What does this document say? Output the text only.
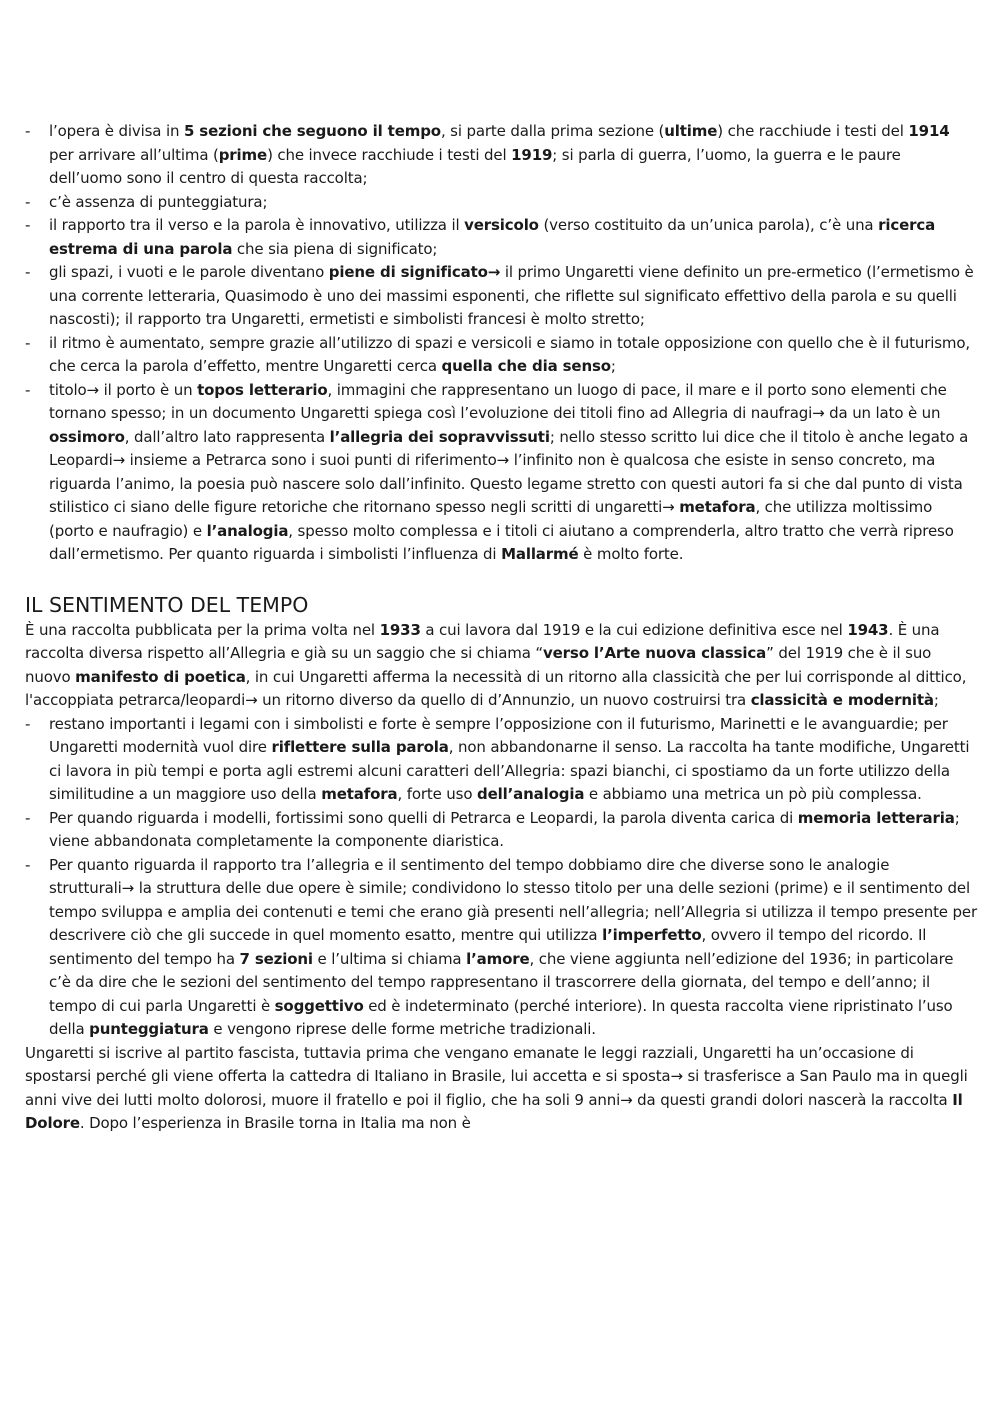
- l’opera è divisa in 5 sezioni che seguono il tempo, si parte dalla prima sezione (ultime) che racchiude i testi del 1914 per arrivare all’ultima (prime) che invece racchiude i testi del 1919; si parla di guerra, l’uomo, la guerra e le paure dell’uomo sono il centro di questa raccolta;
- c’è assenza di punteggiatura;
- il rapporto tra il verso e la parola è innovativo, utilizza il versicolo (verso costituito da un’unica parola), c’è una ricerca estrema di una parola che sia piena di significato;
- gli spazi, i vuoti e le parole diventano piene di significato→ il primo Ungaretti viene definito un pre-ermetico (l’ermetismo è una corrente letteraria, Quasimodo è uno dei massimi esponenti, che riflette sul significato effettivo della parola e su quelli nascosti); il rapporto tra Ungaretti, ermetisti e simbolisti francesi è molto stretto;
- il ritmo è aumentato, sempre grazie all’utilizzo di spazi e versicoli e siamo in totale opposizione con quello che è il futurismo, che cerca la parola d’effetto, mentre Ungaretti cerca quella che dia senso;
- titolo→ il porto è un topos letterario, immagini che rappresentano un luogo di pace, il mare e il porto sono elementi che tornano spesso; in un documento Ungaretti spiega così l’evoluzione dei titoli fino ad Allegria di naufragi→ da un lato è un ossimoro, dall’altro lato rappresenta l’allegria dei sopravvissuti; nello stesso scritto lui dice che il titolo è anche legato a Leopardi→ insieme a Petrarca sono i suoi punti di riferimento→ l’infinito non è qualcosa che esiste in senso concreto, ma riguarda l’animo, la poesia può nascere solo dall’infinito. Questo legame stretto con questi autori fa si che dal punto di vista stilistico ci siano delle figure retoriche che ritornano spesso negli scritti di ungaretti→ metafora, che utilizza moltissimo (porto e naufragio) e l’analogia, spesso molto complessa e i titoli ci aiutano a comprenderla, altro tratto che verrà ripreso dall’ermetismo. Per quanto riguarda i simbolisti l’influenza di Mallarmé è molto forte.
IL SENTIMENTO DEL TEMPO

È una raccolta pubblicata per la prima volta nel 1933 a cui lavora dal 1919 e la cui edizione definitiva esce nel 1943. È una raccolta diversa rispetto all’Allegria e già su un saggio che si chiama “verso l’Arte nuova classica” del 1919 che è il suo nuovo manifesto di poetica, in cui Ungaretti afferma la necessità di un ritorno alla classicità che per lui corrisponde al dittico, l'accoppiata petrarca/leopardi→ un ritorno diverso da quello di d’Annunzio, un nuovo costruirsi tra classicità e modernità;

- restano importanti i legami con i simbolisti e forte è sempre l’opposizione con il futurismo, Marinetti e le avanguardie; per Ungaretti modernità vuol dire riflettere sulla parola, non abbandonarne il senso. La raccolta ha tante modifiche, Ungaretti ci lavora in più tempi e porta agli estremi alcuni caratteri dell’Allegria: spazi bianchi, ci spostiamo da un forte utilizzo della similitudine a un maggiore uso della metafora, forte uso dell’analogia e abbiamo una metrica un pò più complessa.
- Per quando riguarda i modelli, fortissimi sono quelli di Petrarca e Leopardi, la parola diventa carica di memoria letteraria; viene abbandonata completamente la componente diaristica.
- Per quanto riguarda il rapporto tra l’allegria e il sentimento del tempo dobbiamo dire che diverse sono le analogie strutturali→ la struttura delle due opere è simile; condividono lo stesso titolo per una delle sezioni (prime) e il sentimento del tempo sviluppa e amplia dei contenuti e temi che erano già presenti nell’allegria; nell’Allegria si utilizza il tempo presente per descrivere ciò che gli succede in quel momento esatto, mentre qui utilizza l’imperfetto, ovvero il tempo del ricordo. Il sentimento del tempo ha 7 sezioni e l’ultima si chiama l’amore, che viene aggiunta nell’edizione del 1936; in particolare c’è da dire che le sezioni del sentimento del tempo rappresentano il trascorrere della giornata, del tempo e dell’anno; il tempo di cui parla Ungaretti è soggettivo ed è indeterminato (perché interiore). In questa raccolta viene ripristinato l’uso della punteggiatura e vengono riprese delle forme metriche tradizionali.

Ungaretti si iscrive al partito fascista, tuttavia prima che vengano emanate le leggi razziali, Ungaretti ha un’occasione di spostarsi perché gli viene offerta la cattedra di Italiano in Brasile, lui accetta e si sposta→ si trasferisce a San Paulo ma in quegli anni vive dei lutti molto dolorosi, muore il fratello e poi il figlio, che ha soli 9 anni→ da questi grandi dolori nascerà la raccolta Il Dolore. Dopo l’esperienza in Brasile torna in Italia ma non è
